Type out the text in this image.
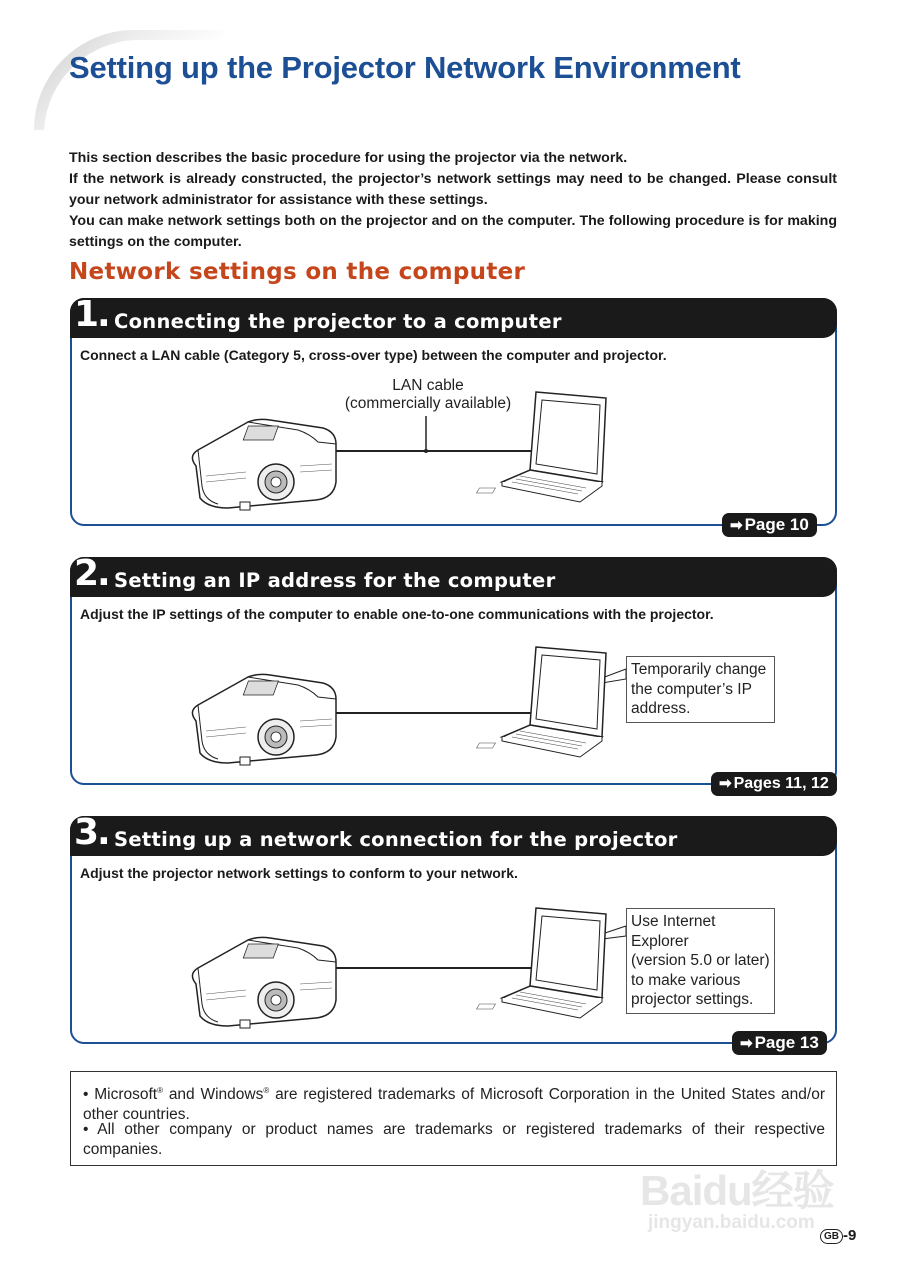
Setting up the Projector Network Environment

This section describes the basic procedure for using the projector via the network.

If the network is already constructed, the projector’s network settings may need to be changed. Please consult your network administrator for assistance with these settings.

You can make network settings both on the projector and on the computer. The following procedure is for making settings on the computer.

Network settings on the computer
1. Connecting the projector to a computer
Connect a LAN cable (Category 5, cross-over type) between the computer and projector.
LAN cable
(commercially available)
➡ Page 10
2. Setting an IP address for the computer
Adjust the IP settings of the computer to enable one-to-one communications with the projector.
Temporarily change
the computer’s IP
address.
➡ Pages 11, 12
3. Setting up a network connection for the projector
Adjust the projector network settings to conform to your network.
Use Internet Explorer
(version 5.0 or later)
to make various
projector settings.
➡ Page 13
• Microsoft® and Windows® are registered trademarks of Microsoft Corporation in the United States and/or other countries.
• All other company or product names are trademarks or registered trademarks of their respective companies.
Baidu经验
jingyan.baidu.com
GB -9
